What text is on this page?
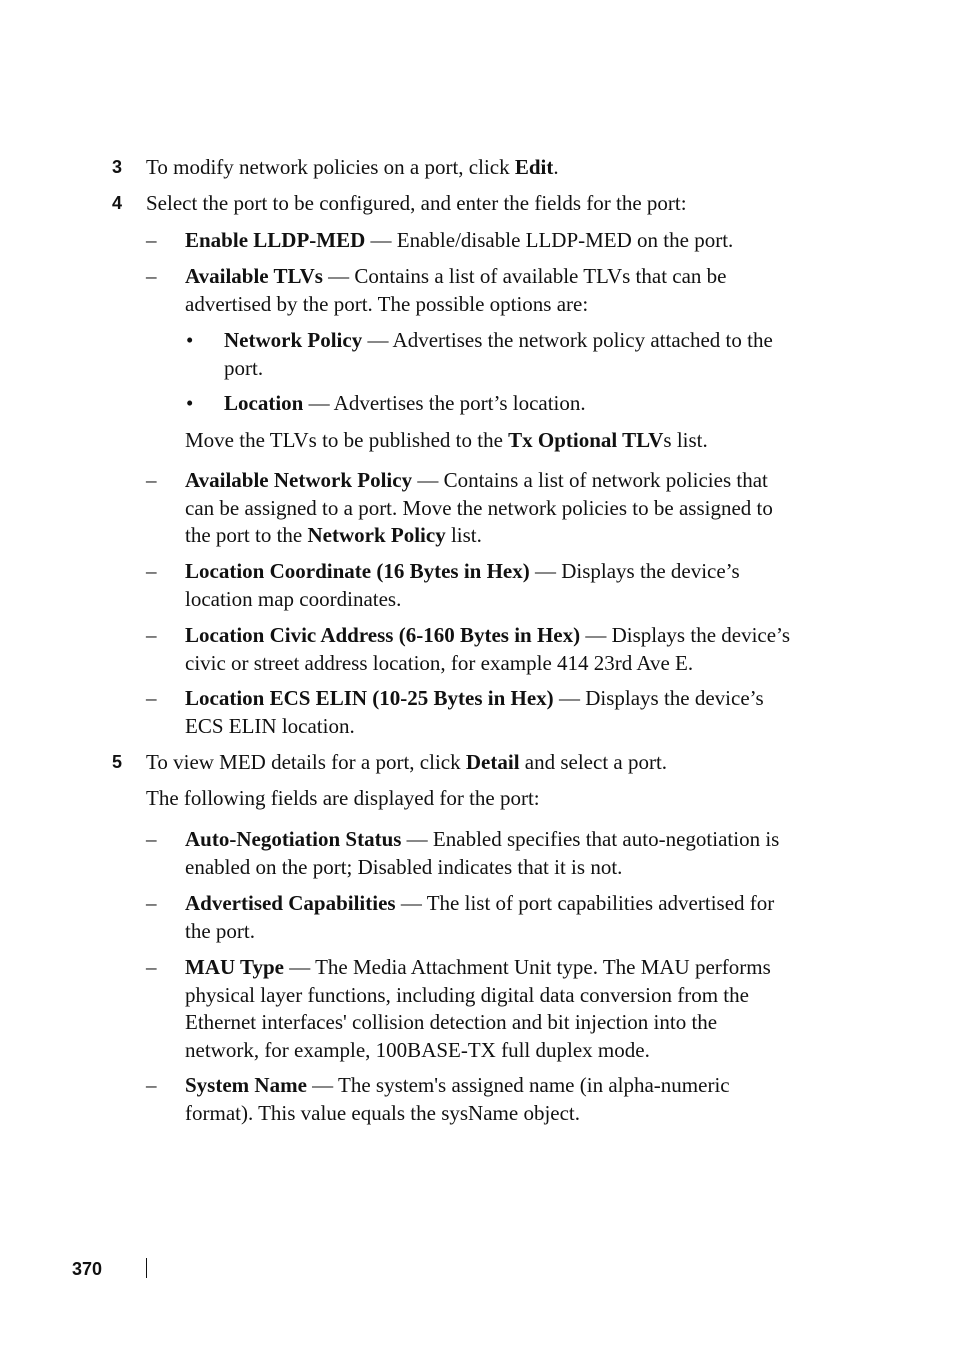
3 To modify network policies on a port, click Edit.
4 Select the port to be configured, and enter the fields for the port:
– Enable LLDP-MED — Enable/disable LLDP-MED on the port.
– Available TLVs — Contains a list of available TLVs that can be
advertised by the port. The possible options are:
• Network Policy — Advertises the network policy attached to the
port.
• Location — Advertises the port’s location.
Move the TLVs to be published to the Tx Optional TLVs list.
– Available Network Policy — Contains a list of network policies that
can be assigned to a port. Move the network policies to be assigned to
the port to the Network Policy list.
– Location Coordinate (16 Bytes in Hex) — Displays the device’s
location map coordinates.
– Location Civic Address (6-160 Bytes in Hex) — Displays the device’s
civic or street address location, for example 414 23rd Ave E.
– Location ECS ELIN (10-25 Bytes in Hex) — Displays the device’s
ECS ELIN location.
5 To view MED details for a port, click Detail and select a port.
The following fields are displayed for the port:
– Auto-Negotiation Status — Enabled specifies that auto-negotiation is
enabled on the port; Disabled indicates that it is not.
– Advertised Capabilities — The list of port capabilities advertised for
the port.
– MAU Type — The Media Attachment Unit type. The MAU performs
physical layer functions, including digital data conversion from the
Ethernet interfaces' collision detection and bit injection into the
network, for example, 100BASE-TX full duplex mode.
– System Name — The system's assigned name (in alpha-numeric
format). This value equals the sysName object.
370
